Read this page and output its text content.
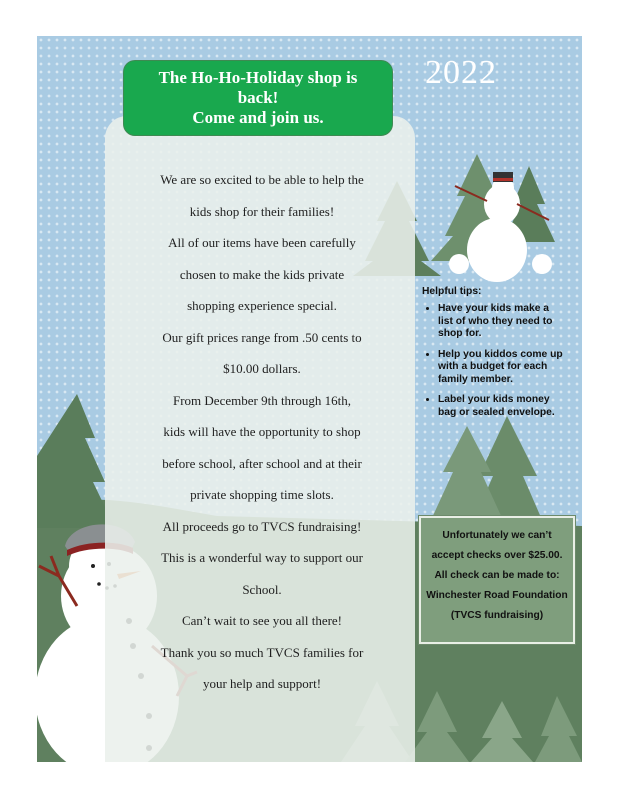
The Ho-Ho-Holiday shop is
back!
Come and join us.
2022
We are so excited to be able to help the
kids shop for their families!
All of our items have been carefully
chosen to make the kids private
shopping experience special.
Our gift prices range from .50 cents to
$10.00 dollars.
From December 9th through 16th,
kids will have the opportunity to shop
before school, after school and at their
private shopping time slots.
All proceeds go to TVCS fundraising!
This is a wonderful way to support our
School.
Can’t wait to see you all there!
Thank you so much TVCS families for
your help and support!
Helpful tips:
• Have your kids make a list of who they need to shop for.
• Help you kiddos come up with a budget for each family member.
• Label your kids money bag or sealed envelope.
Unfortunately we can’t
accept checks over $25.00.
All check can be made to:
Winchester Road Foundation
(TVCS fundraising)
